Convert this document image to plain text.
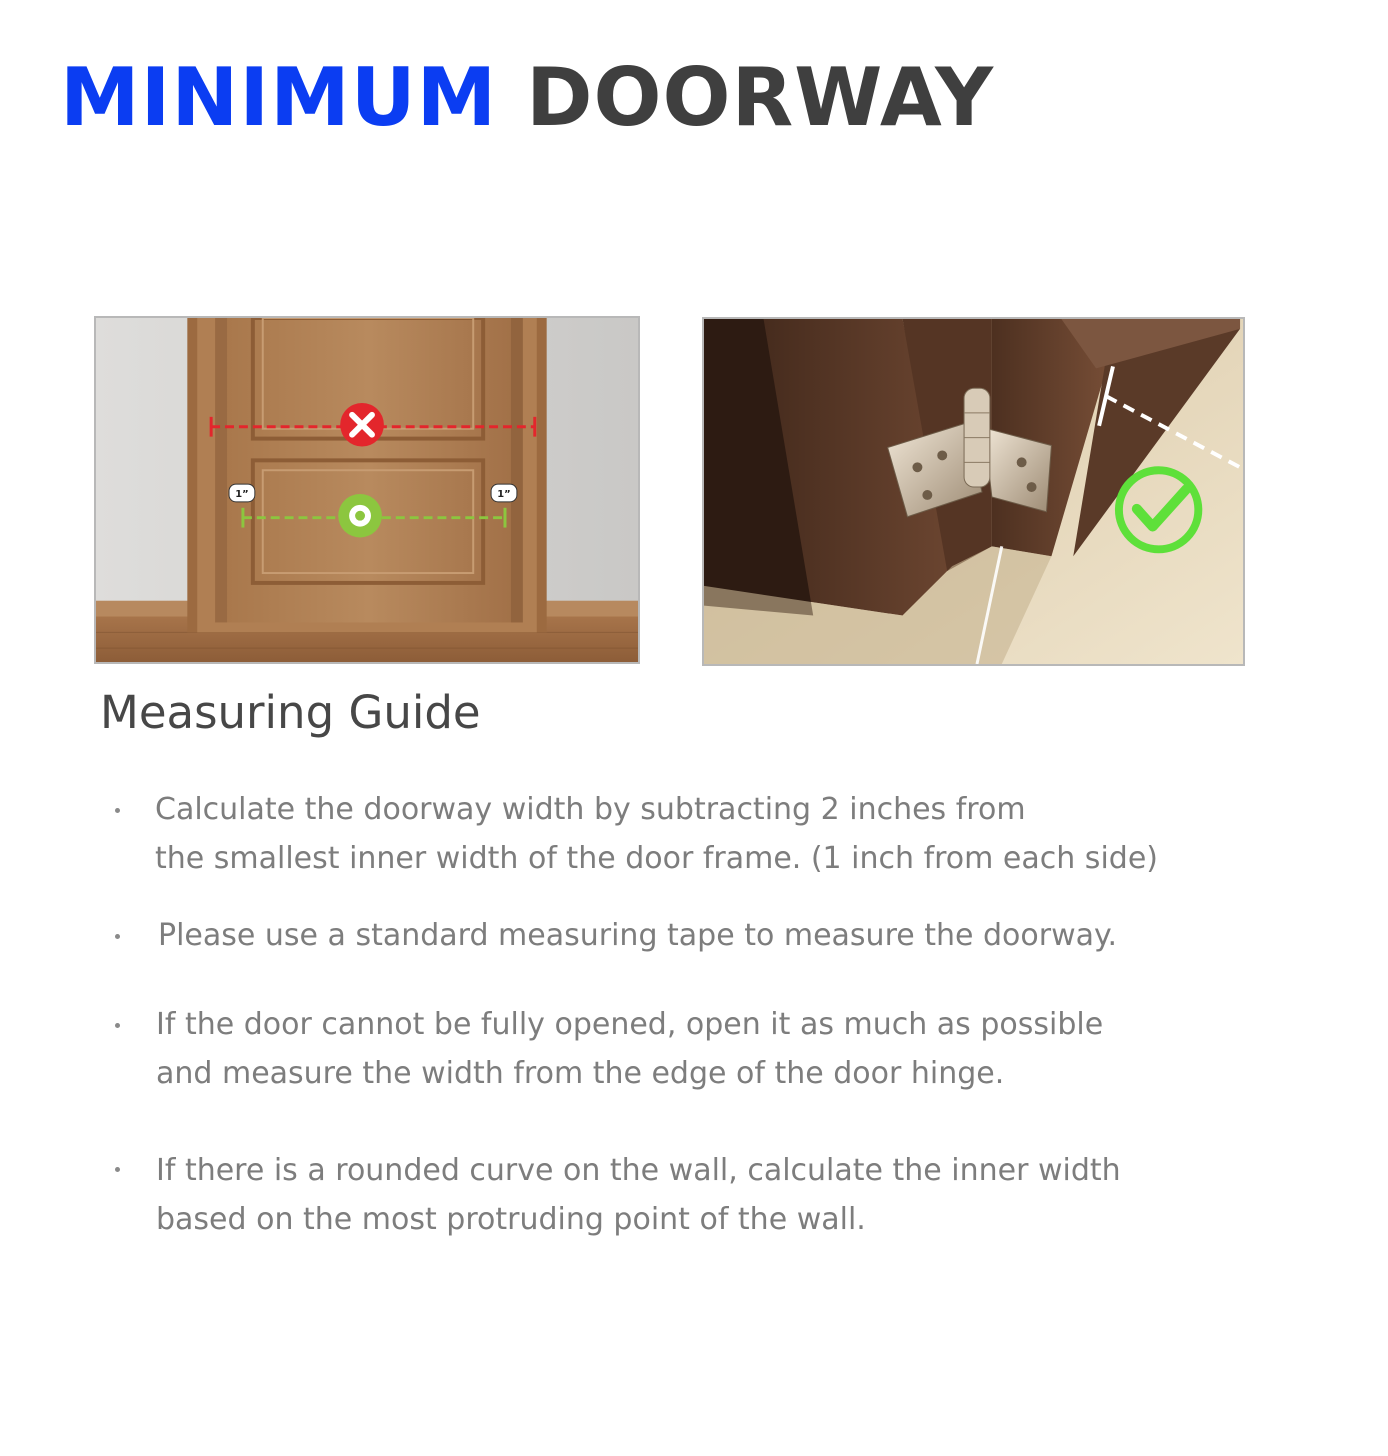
MINIMUM DOORWAY
1”	1”
Measuring Guide
Calculate the doorway width by subtracting 2 inches from
the smallest inner width of the door frame. (1 inch from each side)
Please use a standard measuring tape to measure the doorway.
If the door cannot be fully opened, open it as much as possible
and measure the width from the edge of the door hinge.
If there is a rounded curve on the wall, calculate the inner width
based on the most protruding point of the wall.
